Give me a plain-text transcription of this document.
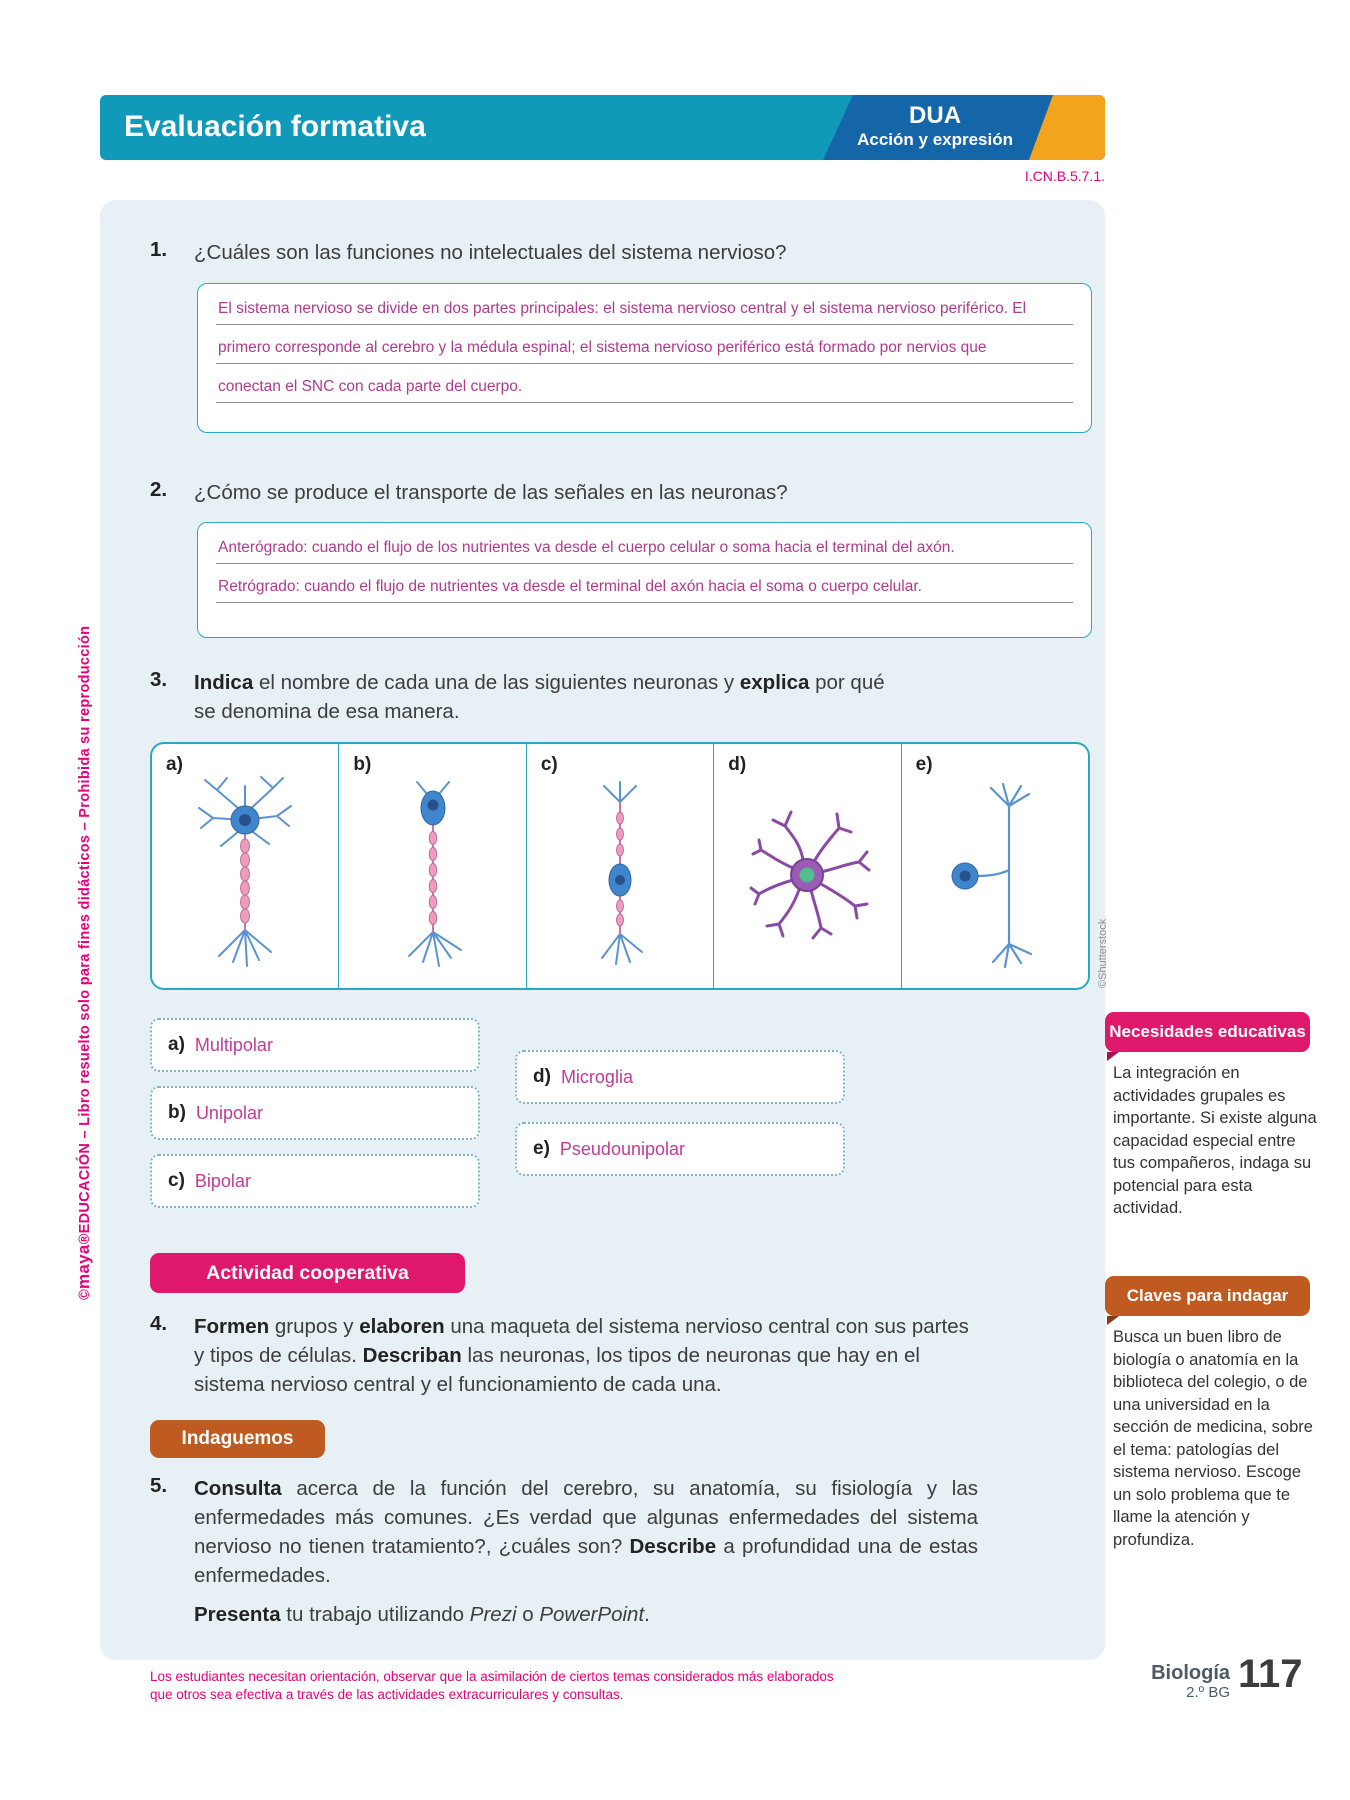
Evaluación formativa	DUA
Acción y expresión
I.CN.B.5.7.1.
1. ¿Cuáles son las funciones no intelectuales del sistema nervioso?
El sistema nervioso se divide en dos partes principales: el sistema nervioso central y el sistema nervioso periférico. El
primero corresponde al cerebro y la médula espinal; el sistema nervioso periférico está formado por nervios que
conectan el SNC con cada parte del cuerpo.
2. ¿Cómo se produce el transporte de las señales en las neuronas?
Anterógrado: cuando el flujo de los nutrientes va desde el cuerpo celular o soma hacia el terminal del axón.
Retrógrado: cuando el flujo de nutrientes va desde el terminal del axón hacia el soma o cuerpo celular.
3. Indica el nombre de cada una de las siguientes neuronas y explica por qué se denomina de esa manera.
a)	b)	c)	d)	e)
©Shutterstock
a) Multipolar
b) Unipolar
c) Bipolar
d) Microglia
e) Pseudounipolar
Necesidades educativas
La integración en actividades grupales es importante. Si existe alguna capacidad especial entre tus compañeros, indaga su potencial para esta actividad.
Claves para indagar
Busca un buen libro de biología o anatomía en la biblioteca del colegio, o de una universidad en la sección de medicina, sobre el tema: patologías del sistema nervioso. Escoge un solo problema que te llame la atención y profundiza.
Actividad cooperativa
4. Formen grupos y elaboren una maqueta del sistema nervioso central con sus partes y tipos de células. Describan las neuronas, los tipos de neuronas que hay en el sistema nervioso central y el funcionamiento de cada una.
Indaguemos
5. Consulta acerca de la función del cerebro, su anatomía, su fisiología y las enfermedades más comunes. ¿Es verdad que algunas enfermedades del sistema nervioso no tienen tratamiento?, ¿cuáles son? Describe a profundidad una de estas enfermedades.
Presenta tu trabajo utilizando Prezi o PowerPoint.
Los estudiantes necesitan orientación, observar que la asimilación de ciertos temas considerados más elaborados
que otros sea efectiva a través de las actividades extracurriculares y consultas.
Biología
2.º BG 117
©maya®EDUCACIÓN – Libro resuelto solo para fines didácticos – Prohibida su reproducción
